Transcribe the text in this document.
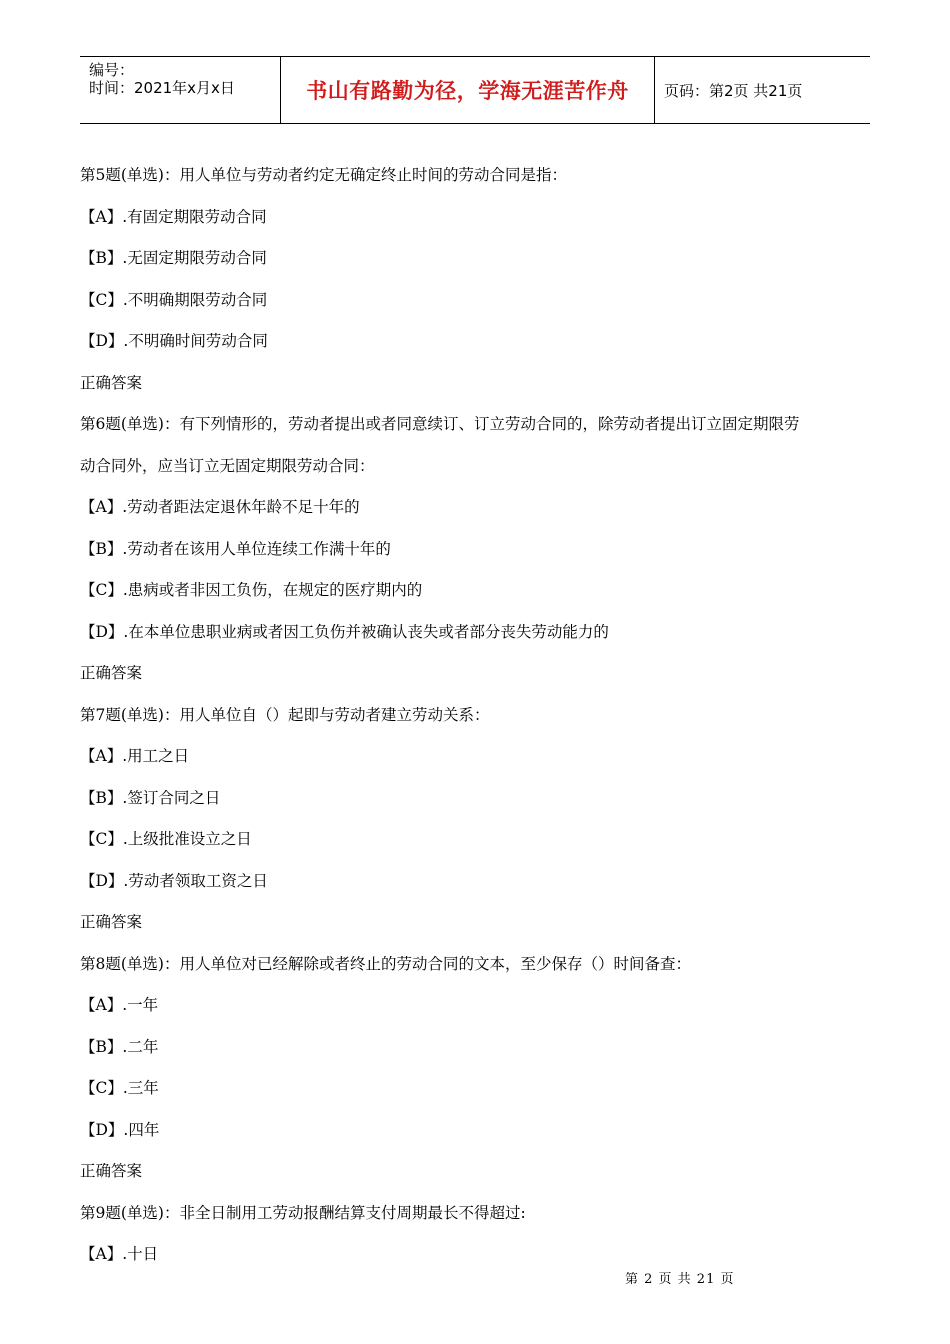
编号：
时间：2021年x月x日	书山有路勤为径，学海无涯苦作舟	页码：第2页 共21页
第5题(单选)：用人单位与劳动者约定无确定终止时间的劳动合同是指：
【A】.有固定期限劳动合同
【B】.无固定期限劳动合同
【C】.不明确期限劳动合同
【D】.不明确时间劳动合同
正确答案
第6题(单选)：有下列情形的，劳动者提出或者同意续订、订立劳动合同的，除劳动者提出订立固定期限劳
动合同外，应当订立无固定期限劳动合同：
【A】.劳动者距法定退休年龄不足十年的
【B】.劳动者在该用人单位连续工作满十年的
【C】.患病或者非因工负伤，在规定的医疗期内的
【D】.在本单位患职业病或者因工负伤并被确认丧失或者部分丧失劳动能力的
正确答案
第7题(单选)：用人单位自（）起即与劳动者建立劳动关系：
【A】.用工之日
【B】.签订合同之日
【C】.上级批准设立之日
【D】.劳动者领取工资之日
正确答案
第8题(单选)：用人单位对已经解除或者终止的劳动合同的文本，至少保存（）时间备查：
【A】.一年
【B】.二年
【C】.三年
【D】.四年
正确答案
第9题(单选)：非全日制用工劳动报酬结算支付周期最长不得超过:
【A】.十日
第 2 页 共 21 页
